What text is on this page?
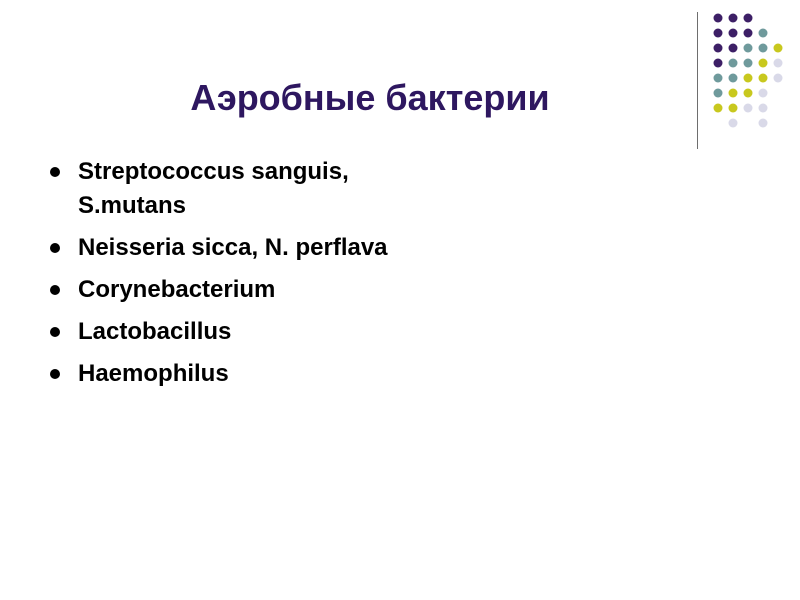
Аэробные бактерии
Streptococcus sanguis, S.mutans
Neisseria sicca, N. perflava
Corynebacterium
Lactobacillus
Haemophilus
